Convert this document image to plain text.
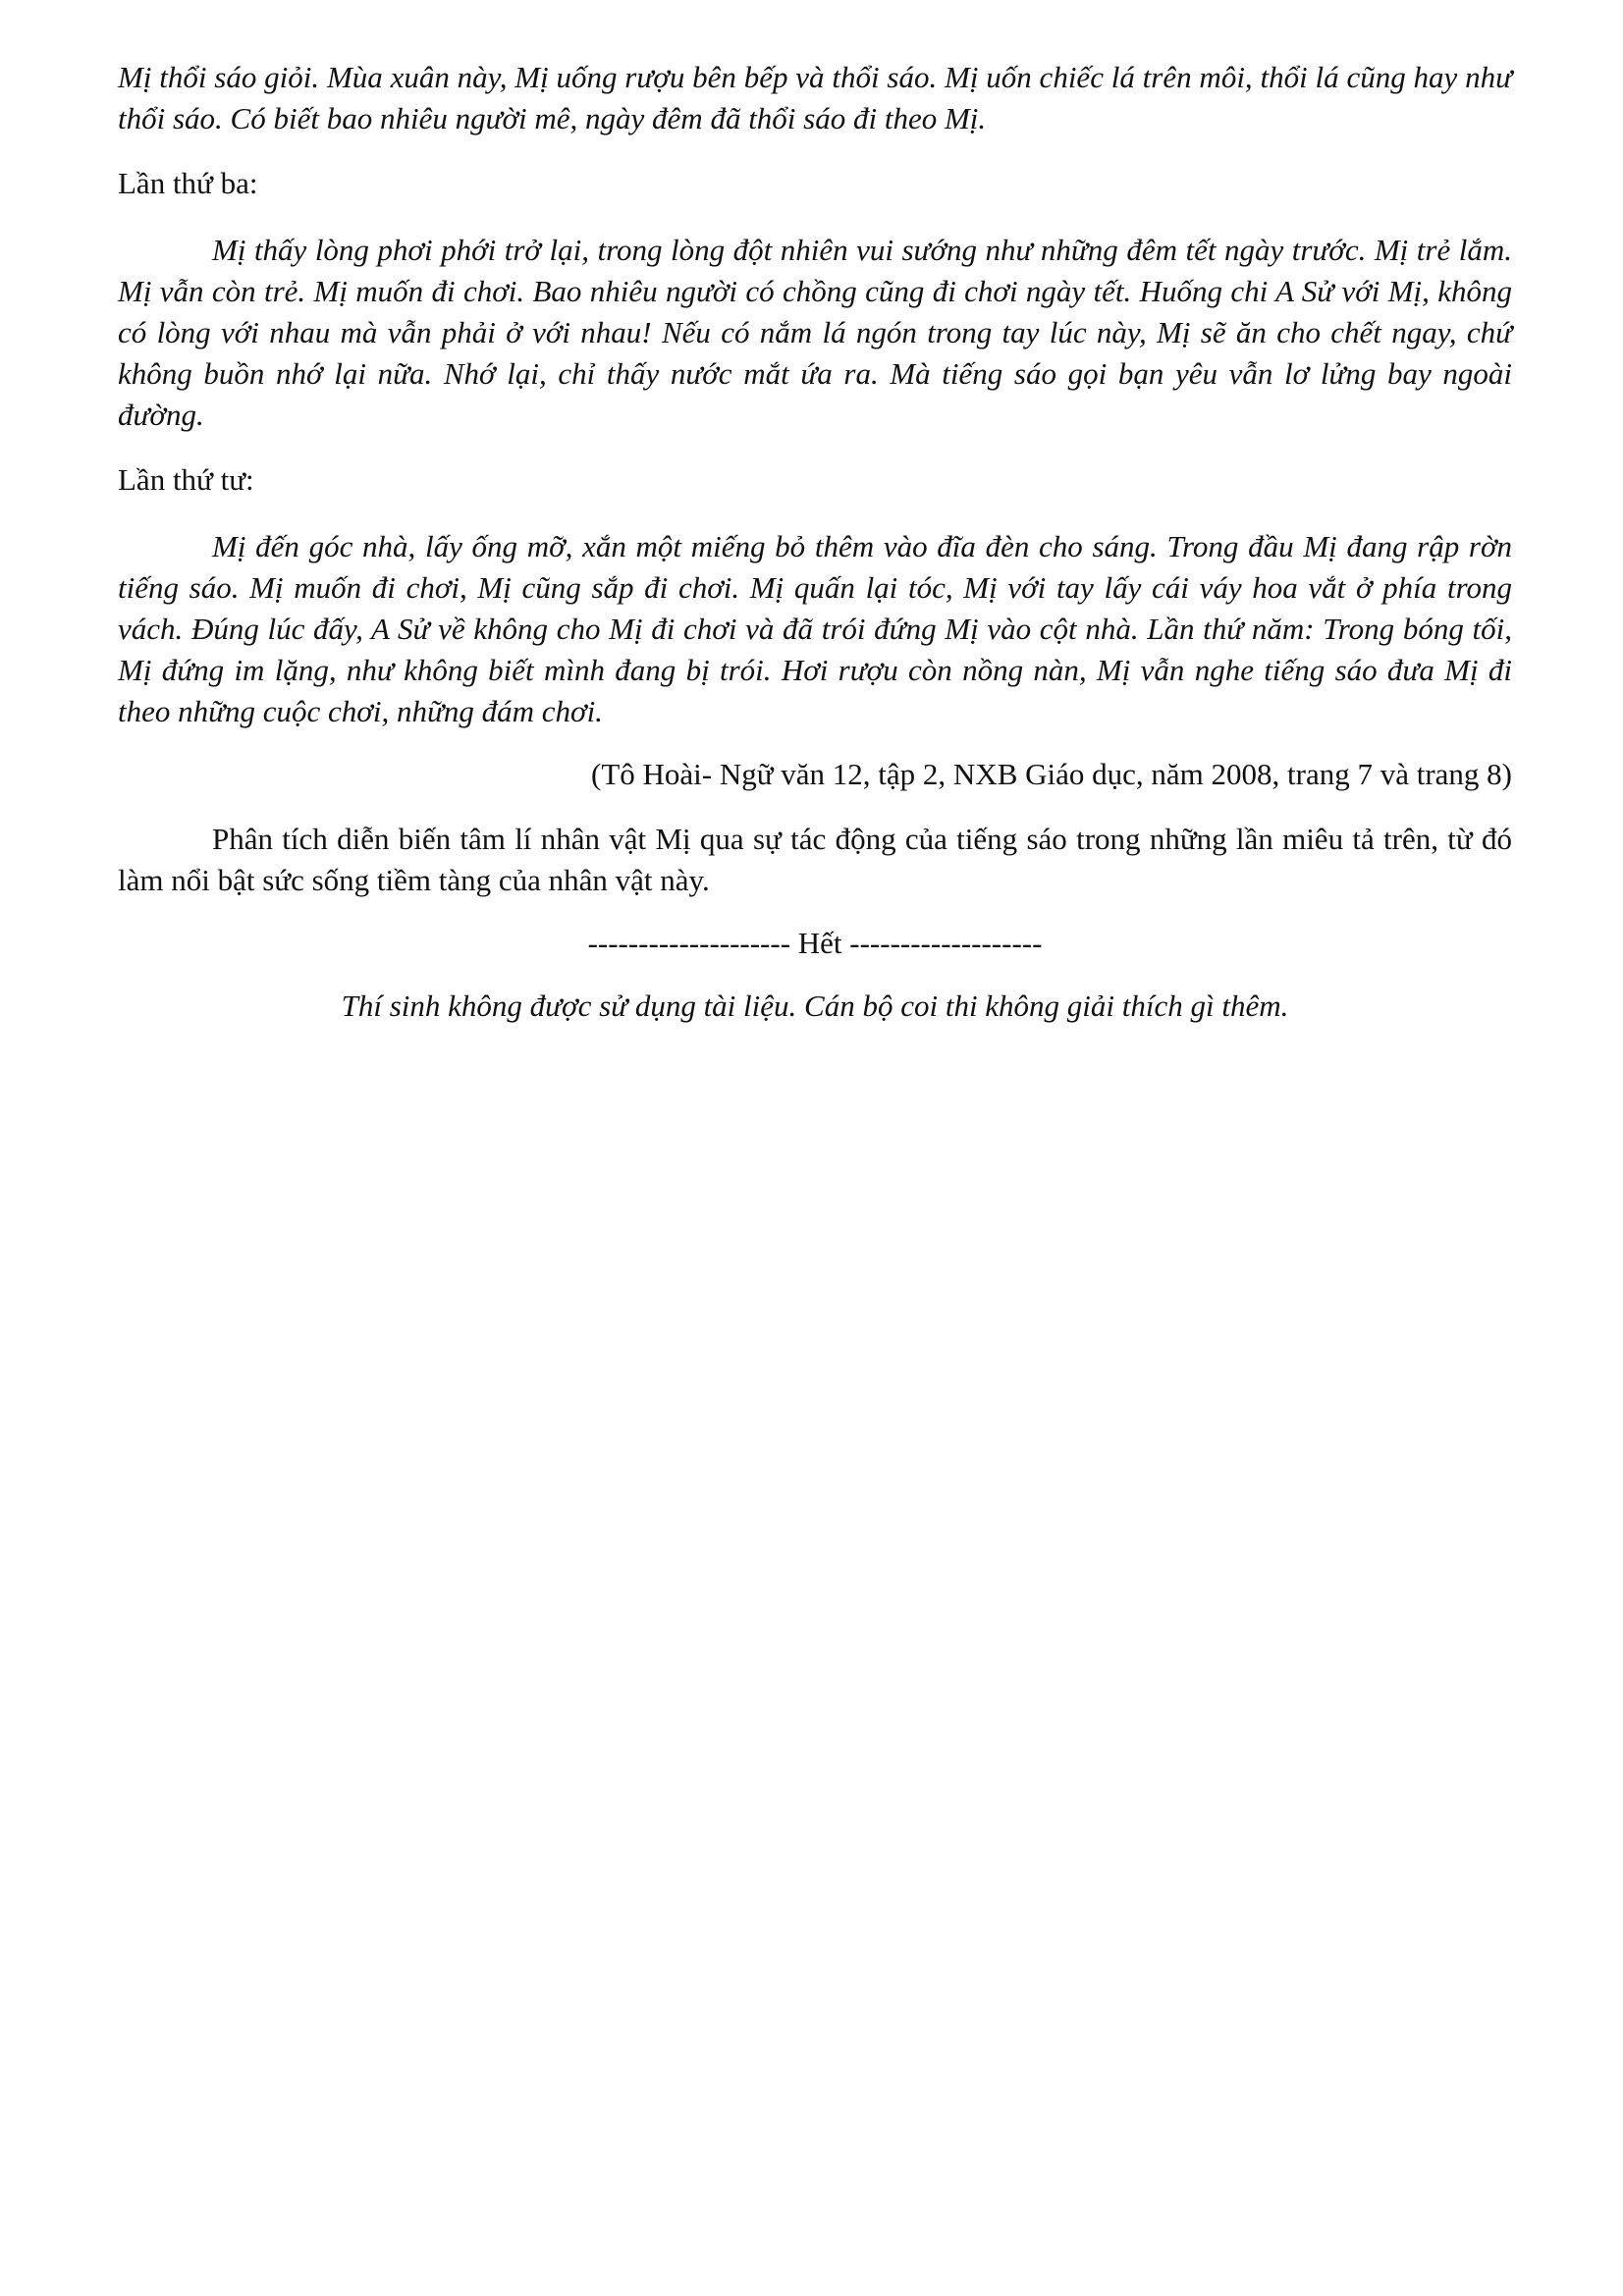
Mị thổi sáo giỏi. Mùa xuân này, Mị uống rượu bên bếp và thổi sáo. Mị uốn chiếc lá trên môi, thổi lá cũng hay như thổi sáo. Có biết bao nhiêu người mê, ngày đêm đã thổi sáo đi theo Mị.

Lần thứ ba:

Mị thấy lòng phơi phới trở lại, trong lòng đột nhiên vui sướng như những đêm tết ngày trước. Mị trẻ lắm. Mị vẫn còn trẻ. Mị muốn đi chơi. Bao nhiêu người có chồng cũng đi chơi ngày tết. Huống chi A Sử với Mị, không có lòng với nhau mà vẫn phải ở với nhau! Nếu có nắm lá ngón trong tay lúc này, Mị sẽ ăn cho chết ngay, chứ không buồn nhớ lại nữa. Nhớ lại, chỉ thấy nước mắt ứa ra. Mà tiếng sáo gọi bạn yêu vẫn lơ lửng bay ngoài đường.

Lần thứ tư:

Mị đến góc nhà, lấy ống mỡ, xắn một miếng bỏ thêm vào đĩa đèn cho sáng. Trong đầu Mị đang rập rờn tiếng sáo. Mị muốn đi chơi, Mị cũng sắp đi chơi. Mị quấn lại tóc, Mị với tay lấy cái váy hoa vắt ở phía trong vách. Đúng lúc đấy, A Sử về không cho Mị đi chơi và đã trói đứng Mị vào cột nhà. Lần thứ năm: Trong bóng tối, Mị đứng im lặng, như không biết mình đang bị trói. Hơi rượu còn nồng nàn, Mị vẫn nghe tiếng sáo đưa Mị đi theo những cuộc chơi, những đám chơi.

(Tô Hoài- Ngữ văn 12, tập 2, NXB Giáo dục, năm 2008, trang 7 và trang 8)

Phân tích diễn biến tâm lí nhân vật Mị qua sự tác động của tiếng sáo trong những lần miêu tả trên, từ đó làm nổi bật sức sống tiềm tàng của nhân vật này.

-------------------- Hết -------------------

Thí sinh không được sử dụng tài liệu. Cán bộ coi thi không giải thích gì thêm.
